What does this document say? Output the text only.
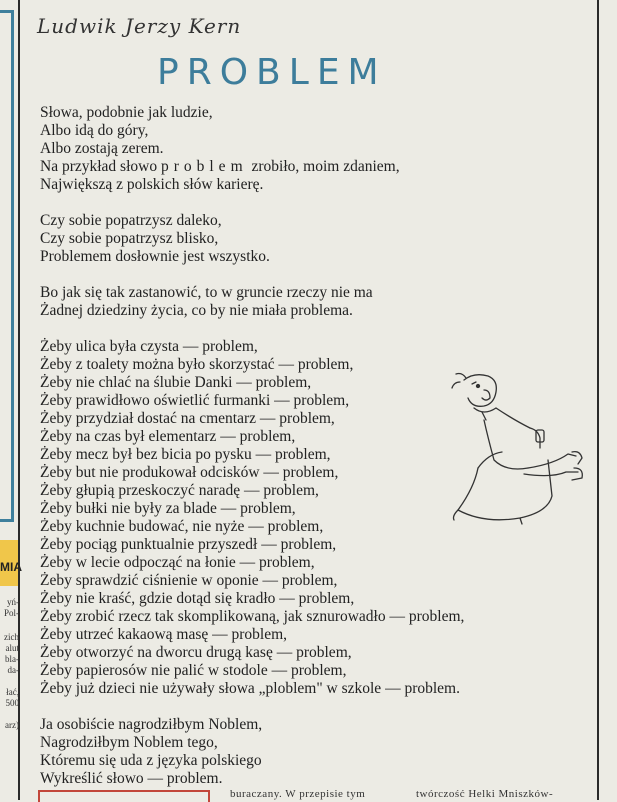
MIA
yń-
Pol-
zich
alut
bla-
da-
łać,
500
arz)
Ludwik Jerzy Kern
PROBLEM
Słowa, podobnie jak ludzie,
Albo idą do góry,
Albo zostają zerem.
Na przykład słowo problem zrobiło, moim zdaniem,
Największą z polskich słów karierę.
Czy sobie popatrzysz daleko,
Czy sobie popatrzysz blisko,
Problemem dosłownie jest wszystko.
Bo jak się tak zastanowić, to w gruncie rzeczy nie ma
Żadnej dziedziny życia, co by nie miała problema.
Żeby ulica była czysta — problem,
Żeby z toalety można było skorzystać — problem,
Żeby nie chlać na ślubie Danki — problem,
Żeby prawidłowo oświetlić furmanki — problem,
Żeby przydział dostać na cmentarz — problem,
Żeby na czas był elementarz — problem,
Żeby mecz był bez bicia po pysku — problem,
Żeby but nie produkował odcisków — problem,
Żeby głupią przeskoczyć naradę — problem,
Żeby bułki nie były za blade — problem,
Żeby kuchnie budować, nie nyże — problem,
Żeby pociąg punktualnie przyszedł — problem,
Żeby w lecie odpocząć na łonie — problem,
Żeby sprawdzić ciśnienie w oponie — problem,
Żeby nie kraść, gdzie dotąd się kradło — problem,
Żeby zrobić rzecz tak skomplikowaną, jak sznurowadło — problem,
Żeby utrzeć kakaową masę — problem,
Żeby otworzyć na dworcu drugą kasę — problem,
Żeby papierosów nie palić w stodole — problem,
Żeby już dzieci nie używały słowa „ploblem" w szkole — problem.
Ja osobiście nagrodziłbym Noblem,
Nagrodziłbym Noblem tego,
Któremu się uda z języka polskiego
Wykreślić słowo — problem.
buraczany. W przepisie tym	twórczość Helki Mniszków-
